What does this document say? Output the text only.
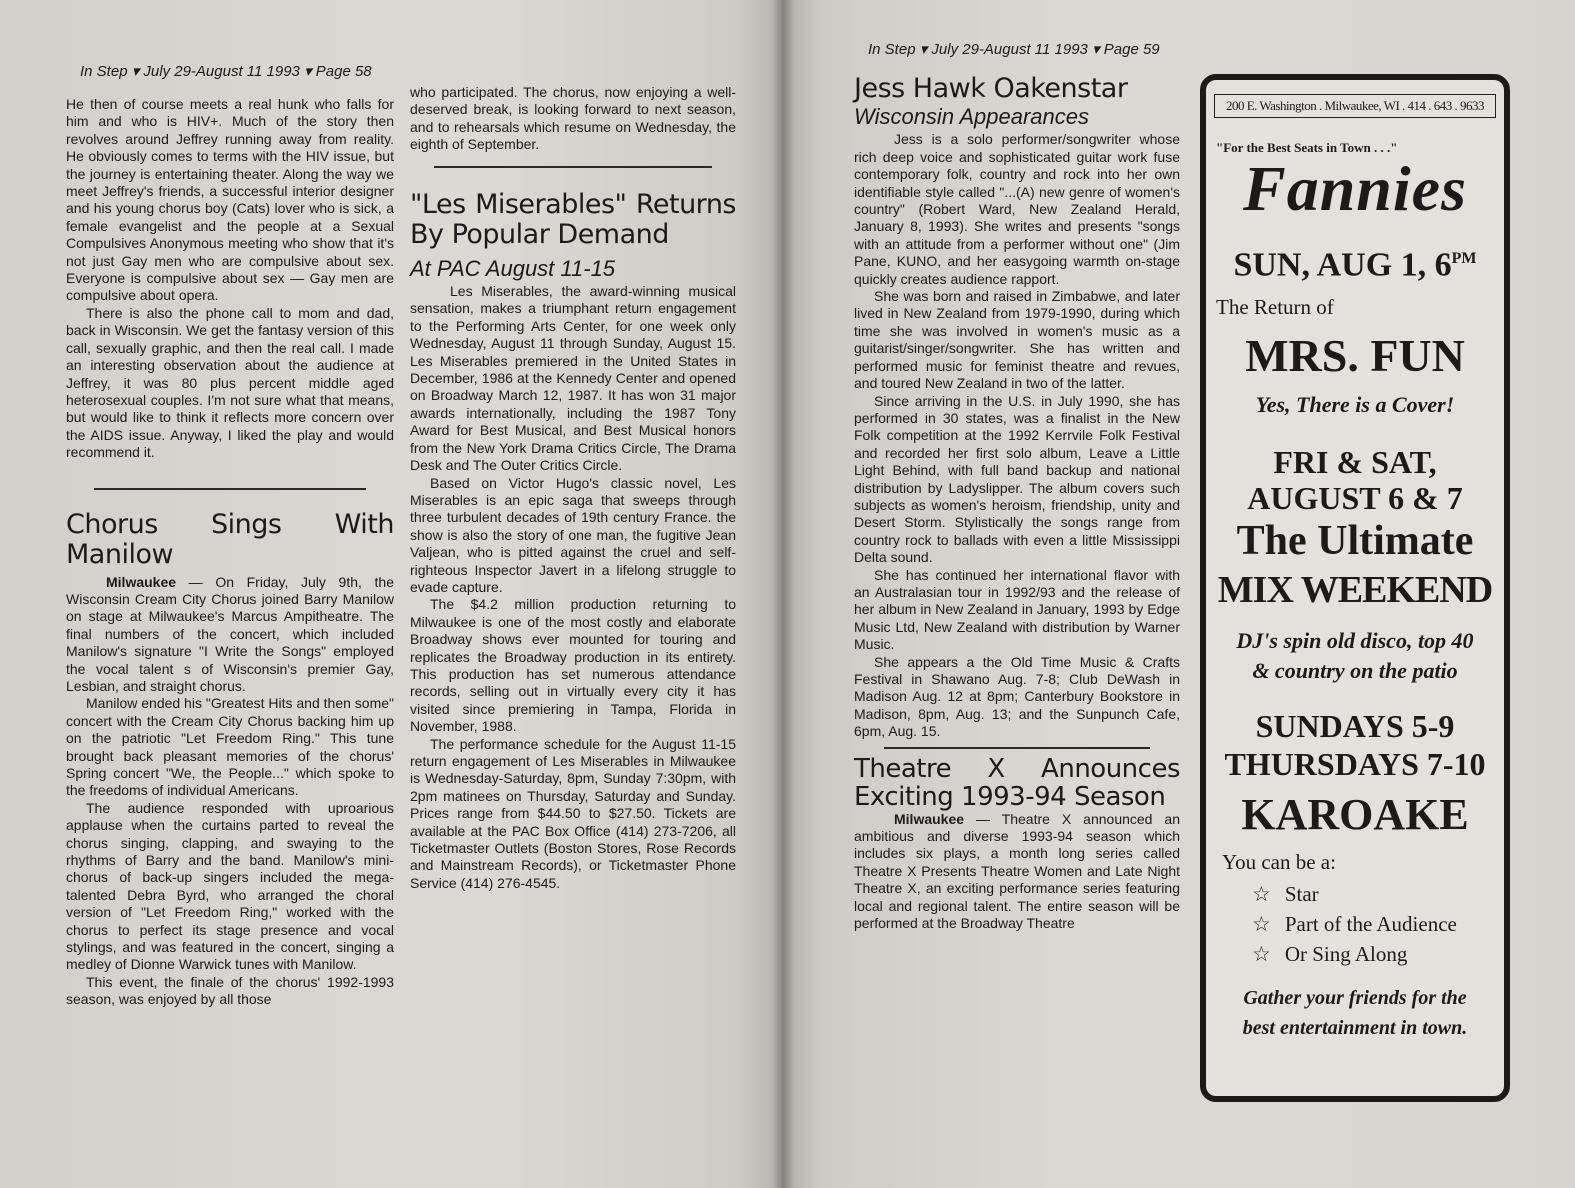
In Step ▾ July 29-August 11 1993 ▾ Page 58

He then of course meets a real hunk who falls for him and who is HIV+. Much of the story then revolves around Jeffrey running away from reality. He obviously comes to terms with the HIV issue, but the journey is entertaining theater. Along the way we meet Jeffrey's friends, a successful interior designer and his young chorus boy (Cats) lover who is sick, a female evangelist and the people at a Sexual Compulsives Anonymous meeting who show that it's not just Gay men who are compulsive about sex. Everyone is compulsive about sex — Gay men are compulsive about opera.

There is also the phone call to mom and dad, back in Wisconsin. We get the fantasy version of this call, sexually graphic, and then the real call. I made an interesting observation about the audience at Jeffrey, it was 80 plus percent middle aged heterosexual couples. I'm not sure what that means, but would like to think it reflects more concern over the AIDS issue. Anyway, I liked the play and would recommend it.

Chorus Sings With Manilow

Milwaukee — On Friday, July 9th, the Wisconsin Cream City Chorus joined Barry Manilow on stage at Milwaukee's Marcus Ampitheatre. The final numbers of the concert, which included Manilow's signature "I Write the Songs" employed the vocal talent s of Wisconsin's premier Gay, Lesbian, and straight chorus.

Manilow ended his "Greatest Hits and then some" concert with the Cream City Chorus backing him up on the patriotic "Let Freedom Ring." This tune brought back pleasant memories of the chorus' Spring concert "We, the People..." which spoke to the freedoms of individual Americans.

The audience responded with uproarious applause when the curtains parted to reveal the chorus singing, clapping, and swaying to the rhythms of Barry and the band. Manilow's mini-chorus of back-up singers included the mega-talented Debra Byrd, who arranged the choral version of "Let Freedom Ring," worked with the chorus to perfect its stage presence and vocal stylings, and was featured in the concert, singing a medley of Dionne Warwick tunes with Manilow.

This event, the finale of the chorus' 1992-1993 season, was enjoyed by all those

who participated. The chorus, now enjoying a well-deserved break, is looking forward to next season, and to rehearsals which resume on Wednesday, the eighth of September.

"Les Miserables" Returns By Popular Demand
At PAC August 11-15

Les Miserables, the award-winning musical sensation, makes a triumphant return engagement to the Performing Arts Center, for one week only Wednesday, August 11 through Sunday, August 15. Les Miserables premiered in the United States in December, 1986 at the Kennedy Center and opened on Broadway March 12, 1987. It has won 31 major awards internationally, including the 1987 Tony Award for Best Musical, and Best Musical honors from the New York Drama Critics Circle, The Drama Desk and The Outer Critics Circle.

Based on Victor Hugo's classic novel, Les Miserables is an epic saga that sweeps through three turbulent decades of 19th century France. the show is also the story of one man, the fugitive Jean Valjean, who is pitted against the cruel and self-righteous Inspector Javert in a lifelong struggle to evade capture.

The $4.2 million production returning to Milwaukee is one of the most costly and elaborate Broadway shows ever mounted for touring and replicates the Broadway production in its entirety. This production has set numerous attendance records, selling out in virtually every city it has visited since premiering in Tampa, Florida in November, 1988.

The performance schedule for the August 11-15 return engagement of Les Miserables in Milwaukee is Wednesday-Saturday, 8pm, Sunday 7:30pm, with 2pm matinees on Thursday, Saturday and Sunday. Prices range from $44.50 to $27.50. Tickets are available at the PAC Box Office (414) 273-7206, all Ticketmaster Outlets (Boston Stores, Rose Records and Mainstream Records), or Ticketmaster Phone Service (414) 276-4545.

In Step ▾ July 29-August 11 1993 ▾ Page 59
Jess Hawk Oakenstar
Wisconsin Appearances

Jess is a solo performer/songwriter whose rich deep voice and sophisticated guitar work fuse contemporary folk, country and rock into her own identifiable style called "...(A) new genre of women's country" (Robert Ward, New Zealand Herald, January 8, 1993). She writes and presents "songs with an attitude from a performer without one" (Jim Pane, KUNO, and her easygoing warmth on-stage quickly creates audience rapport.

She was born and raised in Zimbabwe, and later lived in New Zealand from 1979-1990, during which time she was involved in women's music as a guitarist/singer/songwriter. She has written and performed music for feminist theatre and revues, and toured New Zealand in two of the latter.

Since arriving in the U.S. in July 1990, she has performed in 30 states, was a finalist in the New Folk competition at the 1992 Kerrvile Folk Festival and recorded her first solo album, Leave a Little Light Behind, with full band backup and national distribution by Ladyslipper. The album covers such subjects as women's heroism, friendship, unity and Desert Storm. Stylistically the songs range from country rock to ballads with even a little Mississippi Delta sound.

She has continued her international flavor with an Australasian tour in 1992/93 and the release of her album in New Zealand in January, 1993 by Edge Music Ltd, New Zealand with distribution by Warner Music.

She appears a the Old Time Music & Crafts Festival in Shawano Aug. 7-8; Club DeWash in Madison Aug. 12 at 8pm; Canterbury Bookstore in Madison, 8pm, Aug. 13; and the Sunpunch Cafe, 6pm, Aug. 15.

Theatre X Announces Exciting 1993-94 Season

Milwaukee — Theatre X announced an ambitious and diverse 1993-94 season which includes six plays, a month long series called Theatre X Presents Theatre Women and Late Night Theatre X, an exciting performance series featuring local and regional talent. The entire season will be performed at the Broadway Theatre

200 E. Washington . Milwaukee, WI . 414 . 643 . 9633
"For the Best Seats in Town . . ."
Fannies
SUN, AUG 1, $6^{PM}$
The Return of
MRS. FUN
Yes, There is a Cover!
FRI & SAT,
AUGUST 6 & 7
The Ultimate
MIX WEEKEND
DJ's spin old disco, top 40
& country on the patio
SUNDAYS 5-9
THURSDAYS 7-10
KAROAKE
You can be a:
☆ Star
☆ Part of the Audience
☆ Or Sing Along
Gather your friends for the
best entertainment in town.
